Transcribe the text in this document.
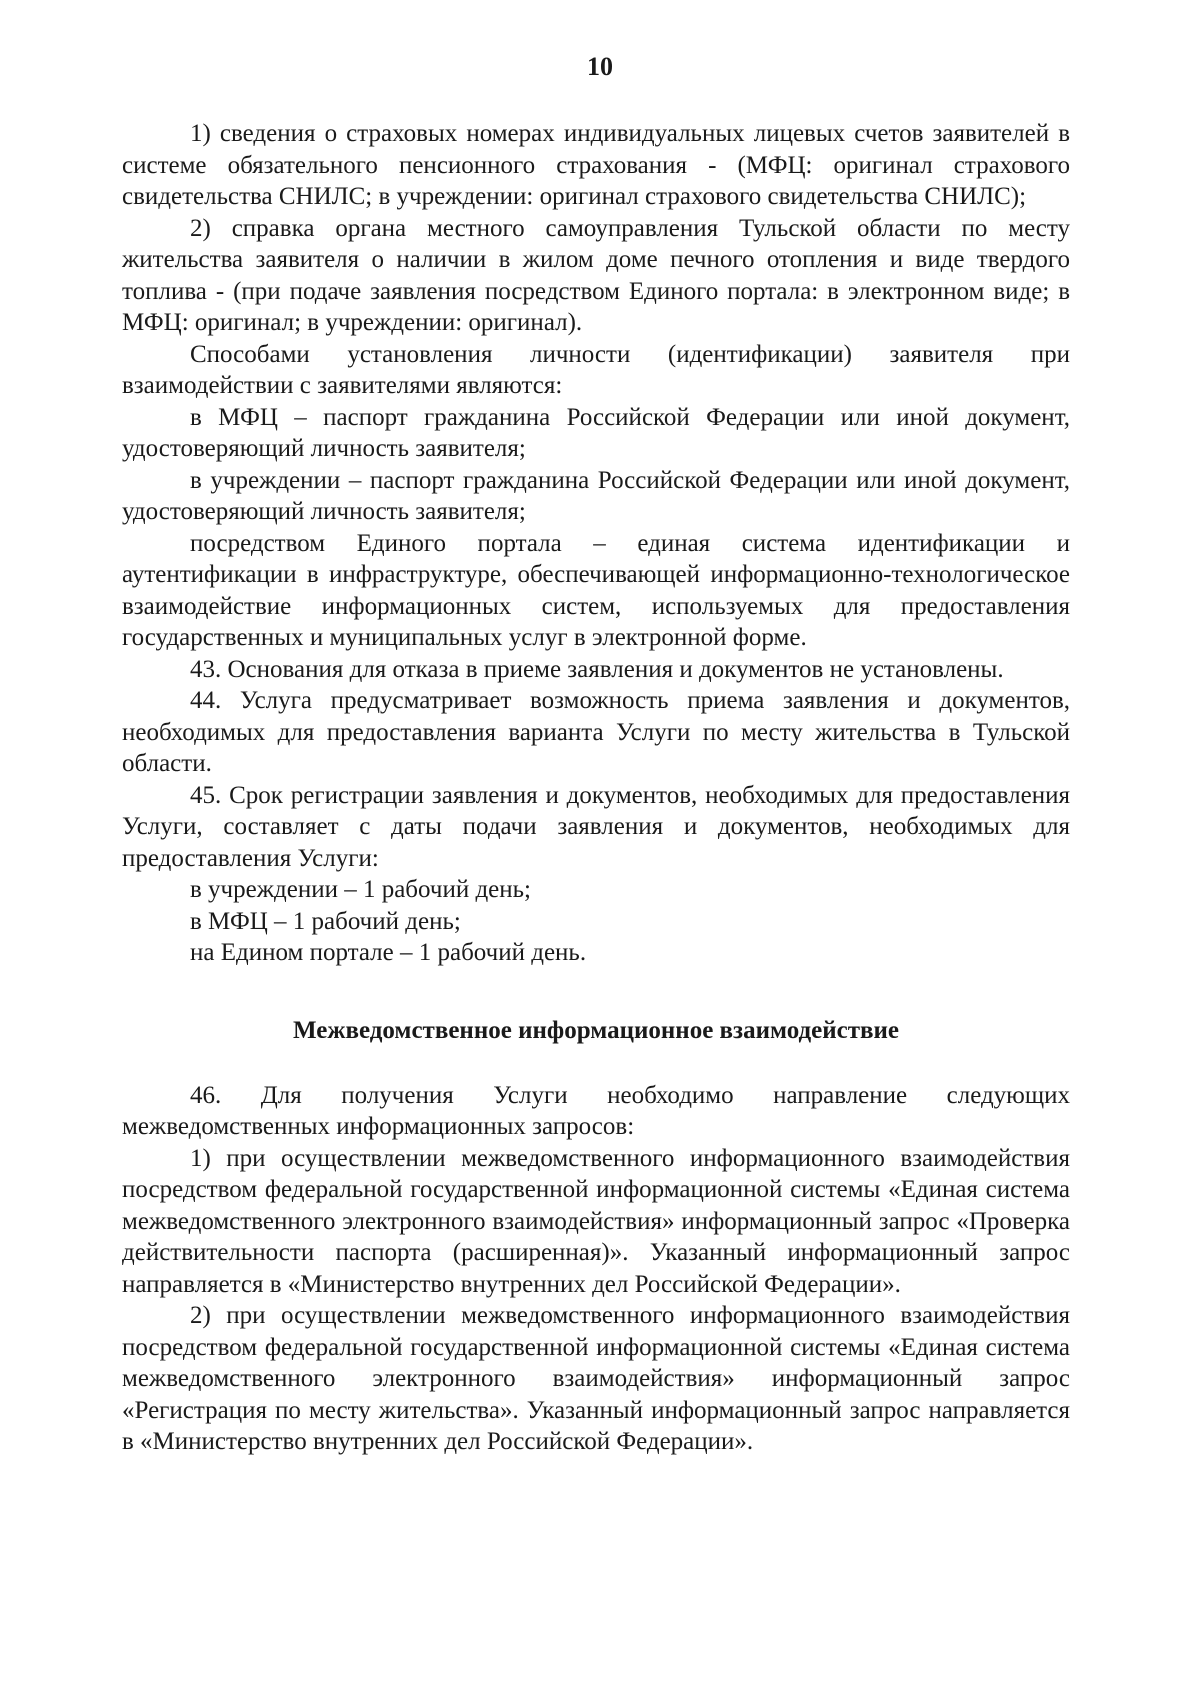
10

1) сведения о страховых номерах индивидуальных лицевых счетов заявителей в системе обязательного пенсионного страхования - (МФЦ: оригинал страхового свидетельства СНИЛС; в учреждении: оригинал страхового свидетельства СНИЛС);

2) справка органа местного самоуправления Тульской области по месту жительства заявителя о наличии в жилом доме печного отопления и виде твердого топлива - (при подаче заявления посредством Единого портала: в электронном виде; в МФЦ: оригинал; в учреждении: оригинал).

Способами установления личности (идентификации) заявителя при взаимодействии с заявителями являются:

в МФЦ – паспорт гражданина Российской Федерации или иной документ, удостоверяющий личность заявителя;

в учреждении – паспорт гражданина Российской Федерации или иной документ, удостоверяющий личность заявителя;

посредством Единого портала – единая система идентификации и аутентификации в инфраструктуре, обеспечивающей информационно-технологическое взаимодействие информационных систем, используемых для предоставления государственных и муниципальных услуг в электронной форме.

43. Основания для отказа в приеме заявления и документов не установлены.

44. Услуга предусматривает возможность приема заявления и документов, необходимых для предоставления варианта Услуги по месту жительства в Тульской области.

45. Срок регистрации заявления и документов, необходимых для предоставления Услуги, составляет с даты подачи заявления и документов, необходимых для предоставления Услуги:

в учреждении – 1 рабочий день;

в МФЦ – 1 рабочий день;

на Едином портале – 1 рабочий день.

Межведомственное информационное взаимодействие

46. Для получения Услуги необходимо направление следующих межведомственных информационных запросов:

1) при осуществлении межведомственного информационного взаимодействия посредством федеральной государственной информационной системы «Единая система межведомственного электронного взаимодействия» информационный запрос «Проверка действительности паспорта (расширенная)». Указанный информационный запрос направляется в «Министерство внутренних дел Российской Федерации».

2) при осуществлении межведомственного информационного взаимодействия посредством федеральной государственной информационной системы «Единая система межведомственного электронного взаимодействия» информационный запрос «Регистрация по месту жительства». Указанный информационный запрос направляется в «Министерство внутренних дел Российской Федерации».
